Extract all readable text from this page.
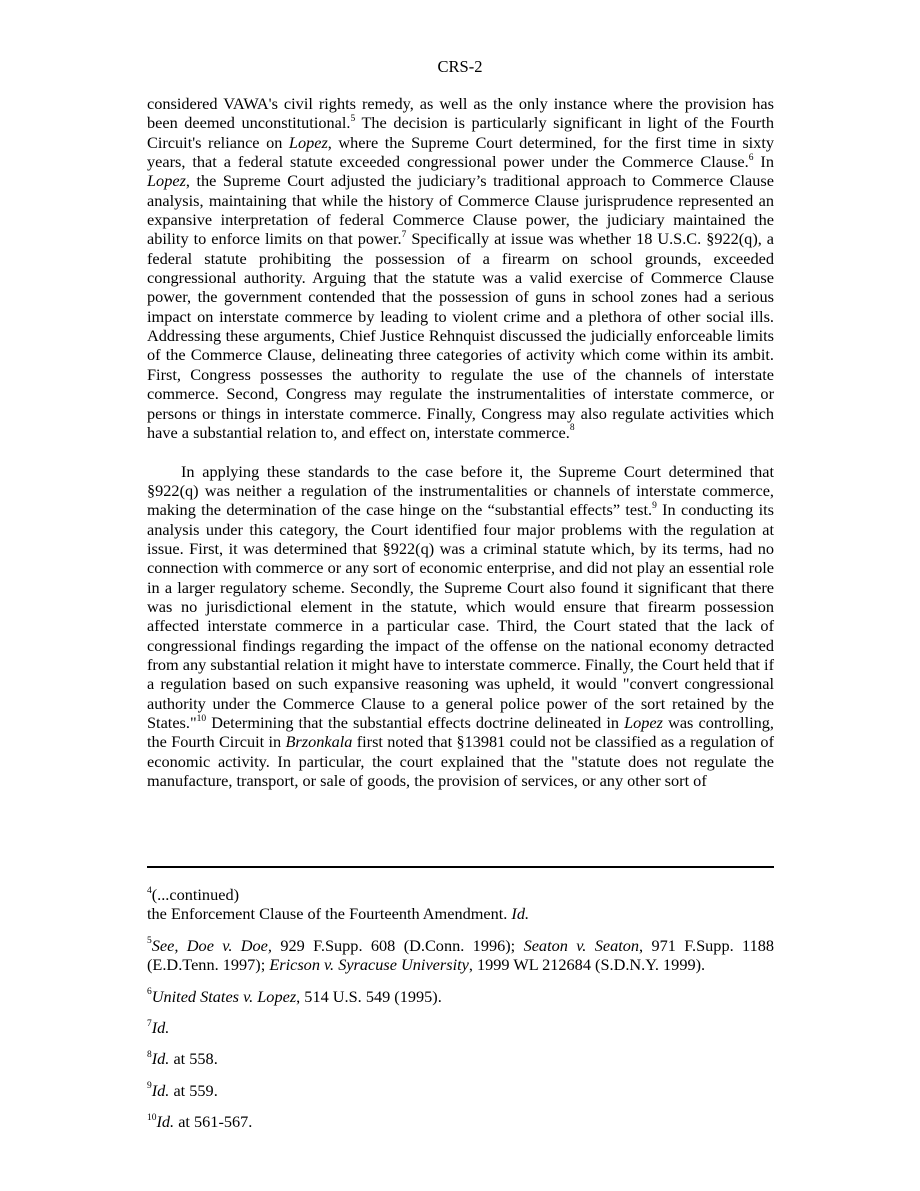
CRS-2

considered VAWA's civil rights remedy, as well as the only instance where the provision has been deemed unconstitutional.$^5$ The decision is particularly significant in light of the Fourth Circuit's reliance on Lopez, where the Supreme Court determined, for the first time in sixty years, that a federal statute exceeded congressional power under the Commerce Clause.$^6$ In Lopez, the Supreme Court adjusted the judiciary’s traditional approach to Commerce Clause analysis, maintaining that while the history of Commerce Clause jurisprudence represented an expansive interpretation of federal Commerce Clause power, the judiciary maintained the ability to enforce limits on that power.$^7$ Specifically at issue was whether 18 U.S.C. §922(q), a federal statute prohibiting the possession of a firearm on school grounds, exceeded congressional authority. Arguing that the statute was a valid exercise of Commerce Clause power, the government contended that the possession of guns in school zones had a serious impact on interstate commerce by leading to violent crime and a plethora of other social ills. Addressing these arguments, Chief Justice Rehnquist discussed the judicially enforceable limits of the Commerce Clause, delineating three categories of activity which come within its ambit. First, Congress possesses the authority to regulate the use of the channels of interstate commerce. Second, Congress may regulate the instrumentalities of interstate commerce, or persons or things in interstate commerce. Finally, Congress may also regulate activities which have a substantial relation to, and effect on, interstate commerce.$^8$

In applying these standards to the case before it, the Supreme Court determined that §922(q) was neither a regulation of the instrumentalities or channels of interstate commerce, making the determination of the case hinge on the “substantial effects” test.$^9$ In conducting its analysis under this category, the Court identified four major problems with the regulation at issue. First, it was determined that §922(q) was a criminal statute which, by its terms, had no connection with commerce or any sort of economic enterprise, and did not play an essential role in a larger regulatory scheme. Secondly, the Supreme Court also found it significant that there was no jurisdictional element in the statute, which would ensure that firearm possession affected interstate commerce in a particular case. Third, the Court stated that the lack of congressional findings regarding the impact of the offense on the national economy detracted from any substantial relation it might have to interstate commerce. Finally, the Court held that if a regulation based on such expansive reasoning was upheld, it would "convert congressional authority under the Commerce Clause to a general police power of the sort retained by the States."$^{10}$ Determining that the substantial effects doctrine delineated in Lopez was controlling, the Fourth Circuit in Brzonkala first noted that §13981 could not be classified as a regulation of economic activity. In particular, the court explained that the "statute does not regulate the manufacture, transport, or sale of goods, the provision of services, or any other sort of

$^4$(...continued)
the Enforcement Clause of the Fourteenth Amendment. Id.

$^5$See, Doe v. Doe, 929 F.Supp. 608 (D.Conn. 1996); Seaton v. Seaton, 971 F.Supp. 1188 (E.D.Tenn. 1997); Ericson v. Syracuse University, 1999 WL 212684 (S.D.N.Y. 1999).

$^6$United States v. Lopez, 514 U.S. 549 (1995).

$^7$Id.

$^8$Id. at 558.

$^9$Id. at 559.

$^{10}$Id. at 561-567.
